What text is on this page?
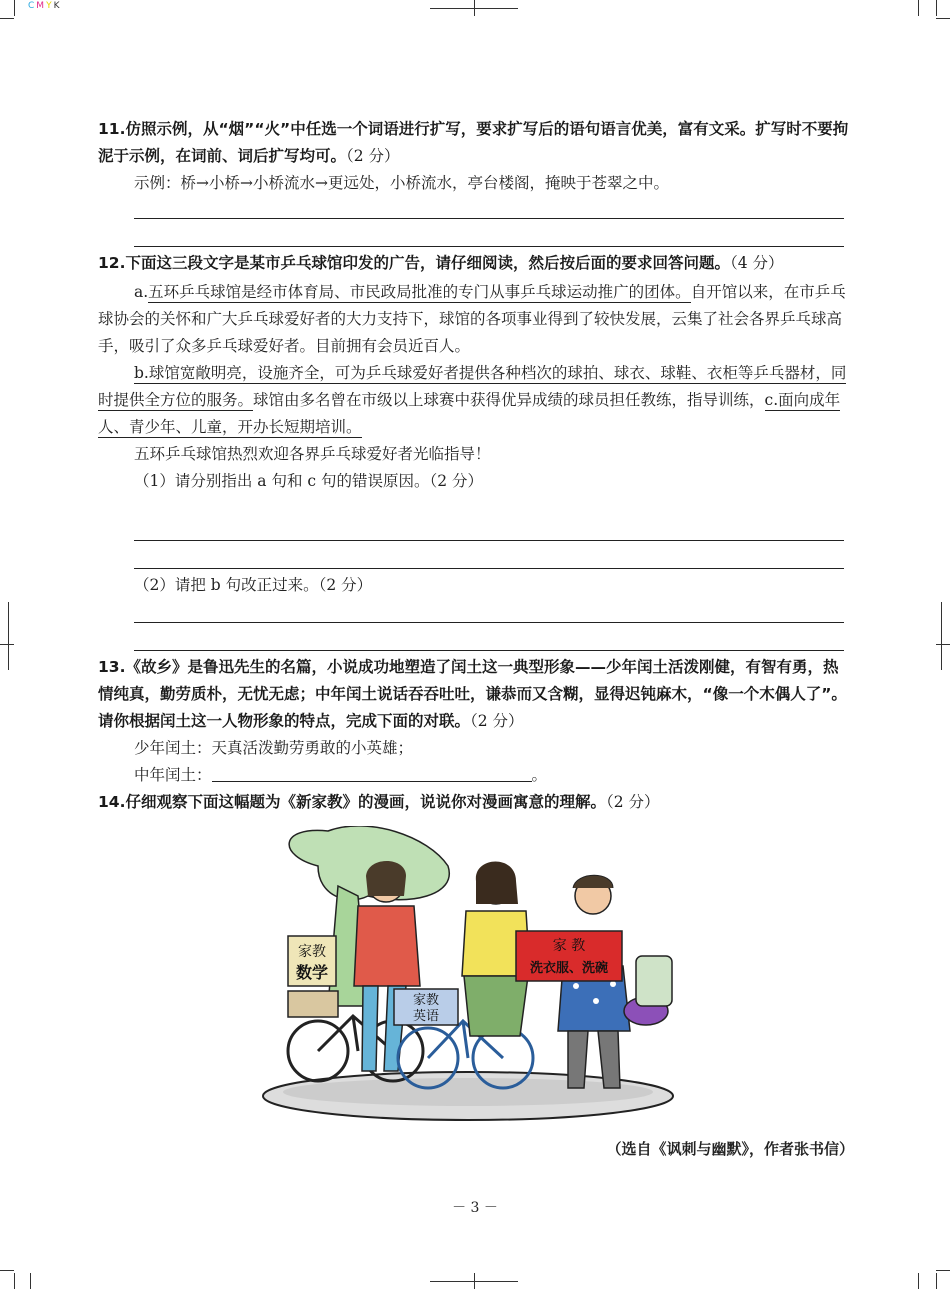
CMYK
11.仿照示例，从“烟”“火”中任选一个词语进行扩写，要求扩写后的语句语言优美，富有文采。扩写时不要拘泥于示例，在词前、词后扩写均可。（2 分）
示例：桥→小桥→小桥流水→更远处，小桥流水，亭台楼阁，掩映于苍翠之中。
12.下面这三段文字是某市乒乓球馆印发的广告，请仔细阅读，然后按后面的要求回答问题。（4 分）
a.五环乒乓球馆是经市体育局、市民政局批准的专门从事乒乓球运动推广的团体。自开馆以来，在市乒乓球协会的关怀和广大乒乓球爱好者的大力支持下，球馆的各项事业得到了较快发展，云集了社会各界乒乓球高手，吸引了众多乒乓球爱好者。目前拥有会员近百人。
b.球馆宽敞明亮，设施齐全，可为乒乓球爱好者提供各种档次的球拍、球衣、球鞋、衣柜等乒乓器材，同时提供全方位的服务。球馆由多名曾在市级以上球赛中获得优异成绩的球员担任教练，指导训练，c.面向成年人、青少年、儿童，开办长短期培训。
五环乒乓球馆热烈欢迎各界乒乓球爱好者光临指导！
（1）请分别指出 a 句和 c 句的错误原因。（2 分）
（2）请把 b 句改正过来。（2 分）
13.《故乡》是鲁迅先生的名篇，小说成功地塑造了闰土这一典型形象——少年闰土活泼刚健，有智有勇，热情纯真，勤劳质朴，无忧无虑；中年闰土说话吞吞吐吐，谦恭而又含糊，显得迟钝麻木，“像一个木偶人了”。请你根据闰土这一人物形象的特点，完成下面的对联。（2 分）
少年闰土：天真活泼勤劳勇敢的小英雄；
中年闰土：	。
14.仔细观察下面这幅题为《新家教》的漫画，说说你对漫画寓意的理解。（2 分）
家教
数学
家教
英语
家 教
洗衣服、洗碗
（选自《讽刺与幽默》，作者张书信）
－ 3 －
